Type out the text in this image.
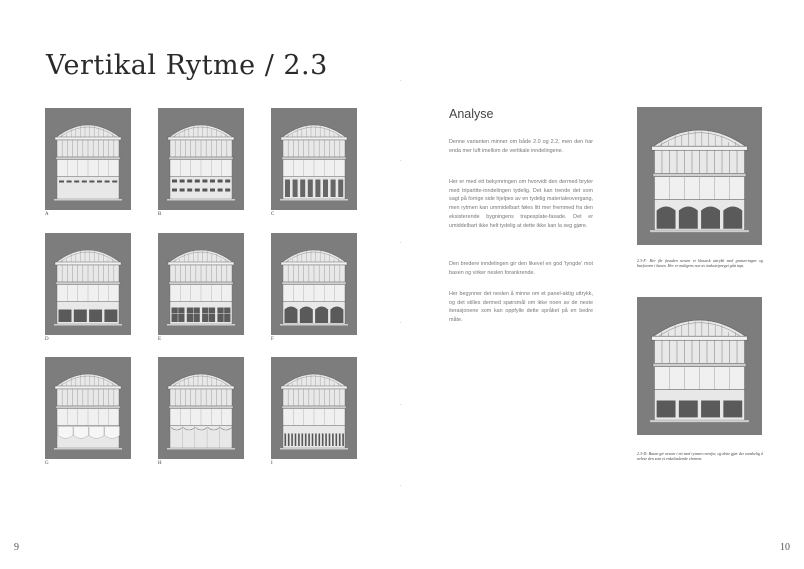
Vertikal Rytme / 2.3
A	B	C
D	E	F
G	H	I
·
·
·
·
·
·
Analyse

Denne varianten minner om både 2.0 og 2.2, men den har enda mer luft imellom de vertikale inndelingene.

Her er med ett bekymringen om hvorvidt den dermed bryter med tripartite-inndelingen tydelig. Det kan trende det som sagt på forrige side hjelpes av en tydelig materialeovergang, men rytmen kan ummidelbart føles litt mer fremmed fra den eksisterende bygningens trapesplate-fasade. Det er umiddelbart ikke helt tydelig at dette ikke kan la seg gjøre.

Den bredere inndelingen gir den likevel en god 'tyngde' mot basen og virker neslen forankrende.

Her begynner det neslen å minne om et panel-aktig uttrykk, og det stilles dermed spørsmål om ikke noen av de neste iterasjonene som kan oppfylle dette språket på en bedre måte.

2.3-F: Her får fasaden nesten et klassisk uttrykk med gratueringen og buefornen i basen. Her er muligens noe av industripreget gått tapt.

2.3-D: Basen gir nesten i ett med rytmen ovenfor, og dette gjør det vanskelig å avlese den som et enkeltstående element.

9	10
